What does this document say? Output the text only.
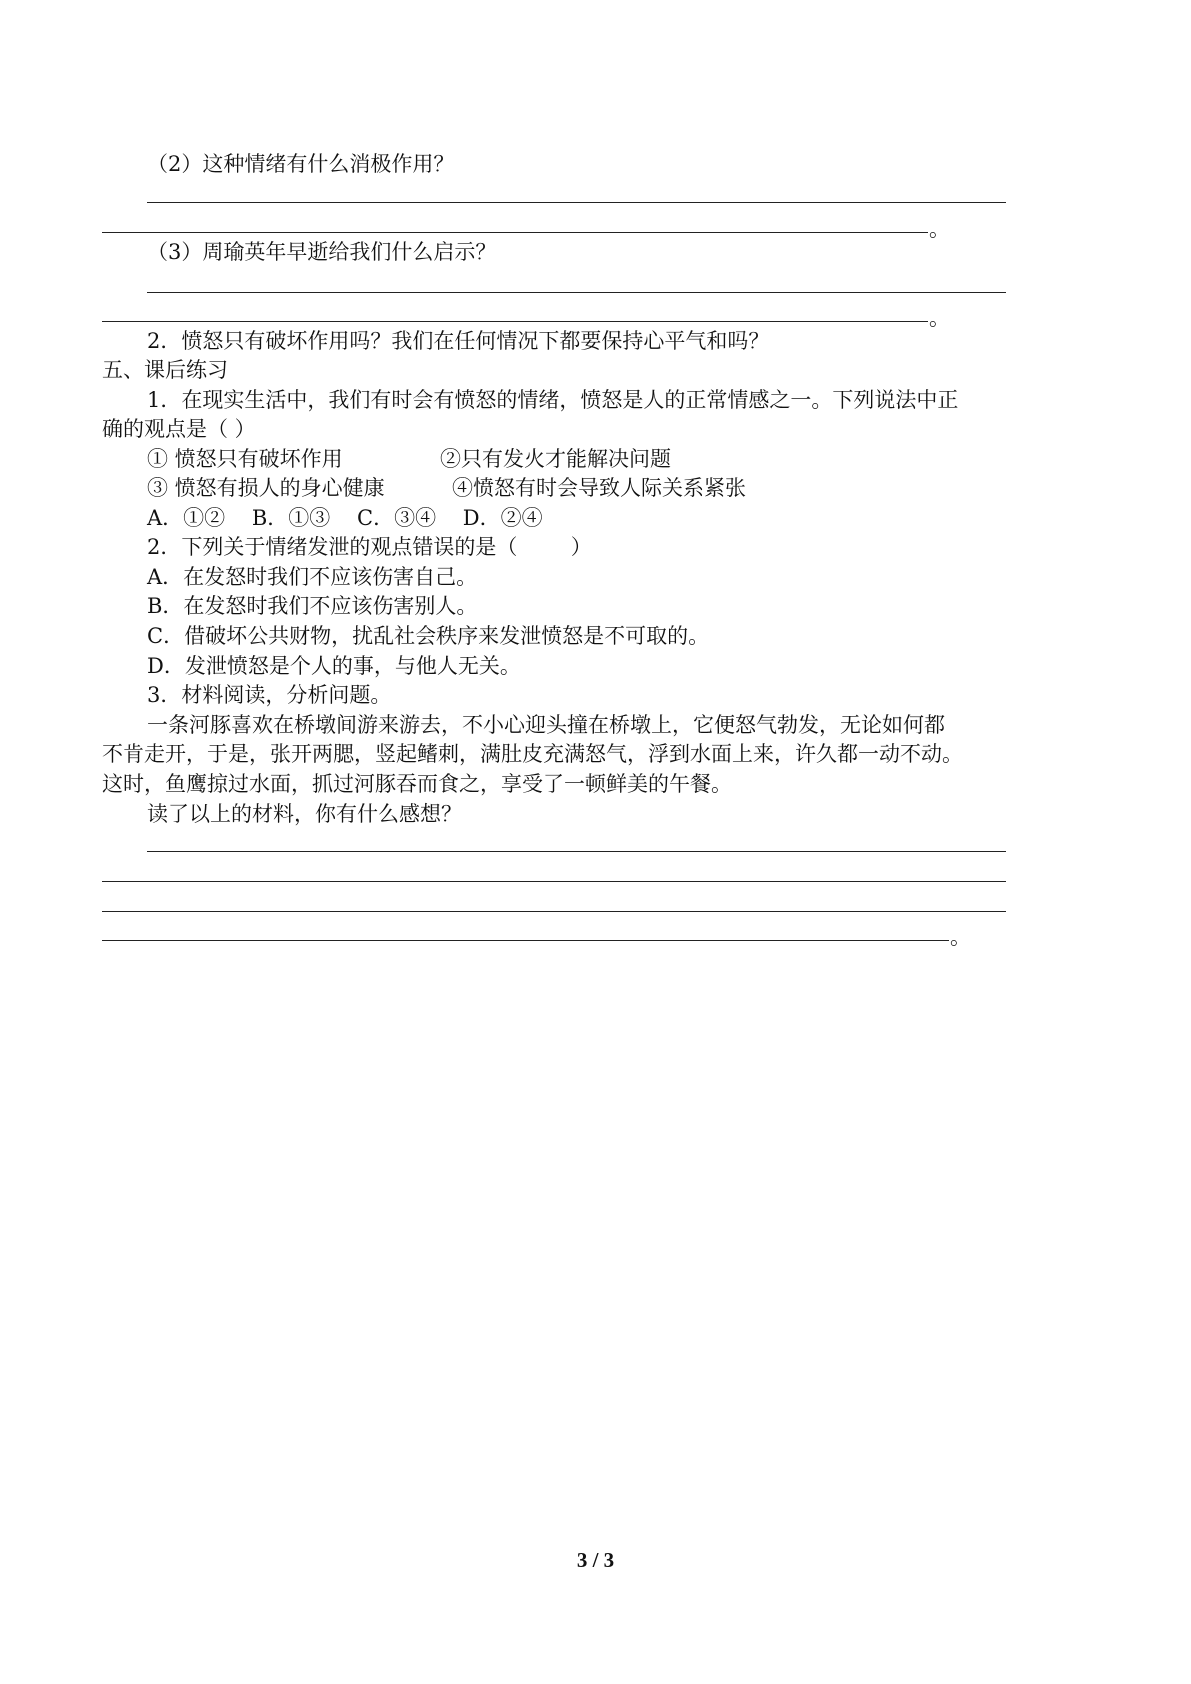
（2）这种情绪有什么消极作用？
。
（3）周瑜英年早逝给我们什么启示？
。
2．愤怒只有破坏作用吗？我们在任何情况下都要保持心平气和吗？
五、课后练习
1．在现实生活中，我们有时会有愤怒的情绪，愤怒是人的正常情感之一。下列说法中正
确的观点是（ ）
① 愤怒只有破坏作用	②只有发火才能解决问题
③ 愤怒有损人的身心健康	④愤怒有时会导致人际关系紧张
A．①②    B．①③    C．③④    D．②④
2．下列关于情绪发泄的观点错误的是（        ）
A．在发怒时我们不应该伤害自己。
B．在发怒时我们不应该伤害别人。
C．借破坏公共财物，扰乱社会秩序来发泄愤怒是不可取的。
D．发泄愤怒是个人的事，与他人无关。
3．材料阅读，分析问题。
一条河豚喜欢在桥墩间游来游去，不小心迎头撞在桥墩上，它便怒气勃发，无论如何都
不肯走开，于是，张开两腮，竖起鳍刺，满肚皮充满怒气，浮到水面上来，许久都一动不动。
这时，鱼鹰掠过水面，抓过河豚吞而食之，享受了一顿鲜美的午餐。
读了以上的材料，你有什么感想？
。
3 / 3
